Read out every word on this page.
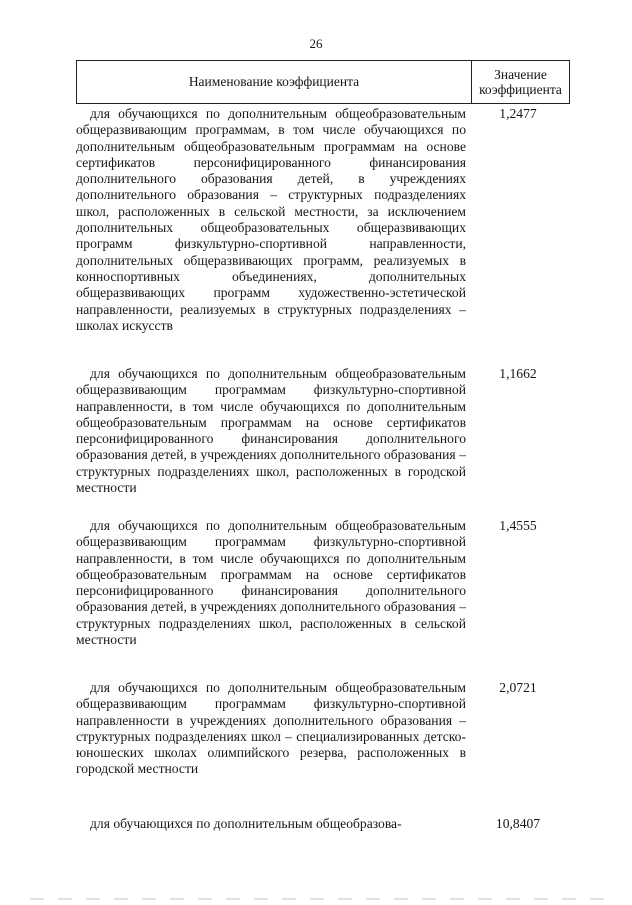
26
Наименование коэффициента	Значение
коэффициента
для обучающихся по дополнительным общеобразовательным общеразвивающим программам, в том числе обучающихся по дополнительным общеобразовательным программам на основе сертификатов персонифицированного финансирования дополнительного образования детей, в учреждениях дополнительного образования – структурных подразделениях школ, расположенных в сельской местности, за исключением дополнительных общеобразовательных общеразвивающих программ физкультурно-спортивной направленности, дополнительных общеразвивающих программ, реализуемых в конноспортивных объединениях, дополнительных общеразвивающих программ художественно-эстетической направленности, реализуемых в структурных подразделениях – школах искусств
1,2477
для обучающихся по дополнительным общеобразовательным общеразвивающим программам физкультурно-спортивной направленности, в том числе обучающихся по дополнительным общеобразовательным программам на основе сертификатов персонифицированного финансирования дополнительного образования детей, в учреждениях дополнительного образования – структурных подразделениях школ, расположенных в городской местности
1,1662
для обучающихся по дополнительным общеобразовательным общеразвивающим программам физкультурно-спортивной направленности, в том числе обучающихся по дополнительным общеобразовательным программам на основе сертификатов персонифицированного финансирования дополнительного образования детей, в учреждениях дополнительного образования – структурных подразделениях школ, расположенных в сельской местности
1,4555
для обучающихся по дополнительным общеобразовательным общеразвивающим программам физкультурно-спортивной направленности в учреждениях дополнительного образования – структурных подразделениях школ – специализированных детско-юношеских школах олимпийского резерва, расположенных в городской местности
2,0721
для обучающихся по дополнительным общеобразова-	10,8407
